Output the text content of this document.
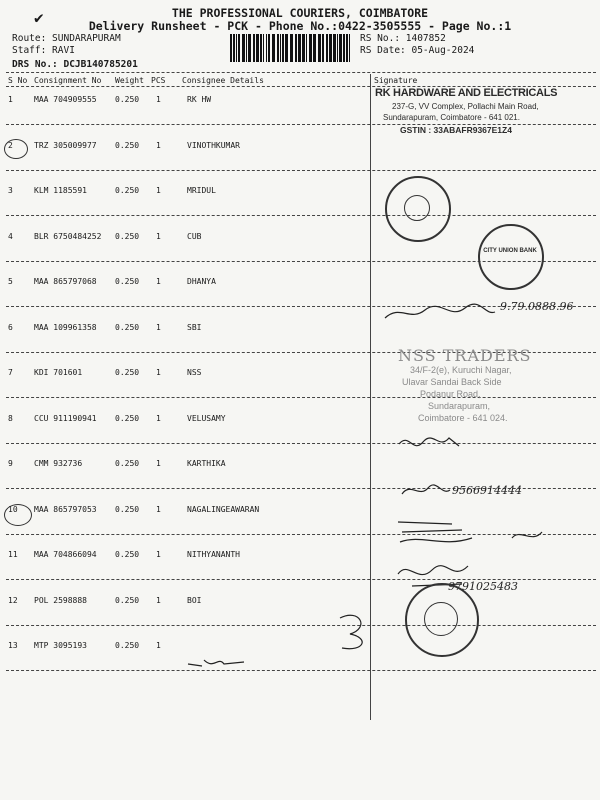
✔	THE PROFESSIONAL COURIERS, COIMBATORE
Delivery Runsheet - PCK - Phone No.:0422-3505555 - Page No.:1
Route: SUNDARAPURAM
Staff: RAVI
DRS No.: DCJB140785201
RS No.: 1407852
RS Date: 05-Aug-2024
S No Consignment No Weight PCS Consignee Details	Signature
1	MAA 704909555 0.250 1	RK HW
2	TRZ 305009977 0.250 1	VINOTHKUMAR
3	KLM 1185591	0.250 1	MRIDUL
4	BLR 6750484252 0.250 1	CUB
5	MAA 865797068 0.250 1	DHANYA
6	MAA 109961358 0.250 1	SBI
7	KDI 701601	0.250 1	NSS
8	CCU 911190941 0.250 1	VELUSAMY
9	CMM 932736	0.250 1	KARTHIKA
10 MAA 865797053 0.250 1	NAGALINGEAWARAN
11 MAA 704866094 0.250 1	NITHYANANTH
12 POL 2598888	0.250 1	BOI
13 MTP 3095193	0.250 1
RK HARDWARE AND ELECTRICALS
237-G, VV Complex, Pollachi Main Road,
Sundarapuram, Coimbatore - 641 021.
GSTIN : 33ABAFR9367E1Z4
CITY UNION BANK
9.79.0888.96
NSS TRADERS
34/F-2(e), Kuruchi Nagar,
Ulavar Sandai Back Side
Podanur Road,
Sundarapuram,
Coimbatore - 641 024.
9566914444
9791025483
